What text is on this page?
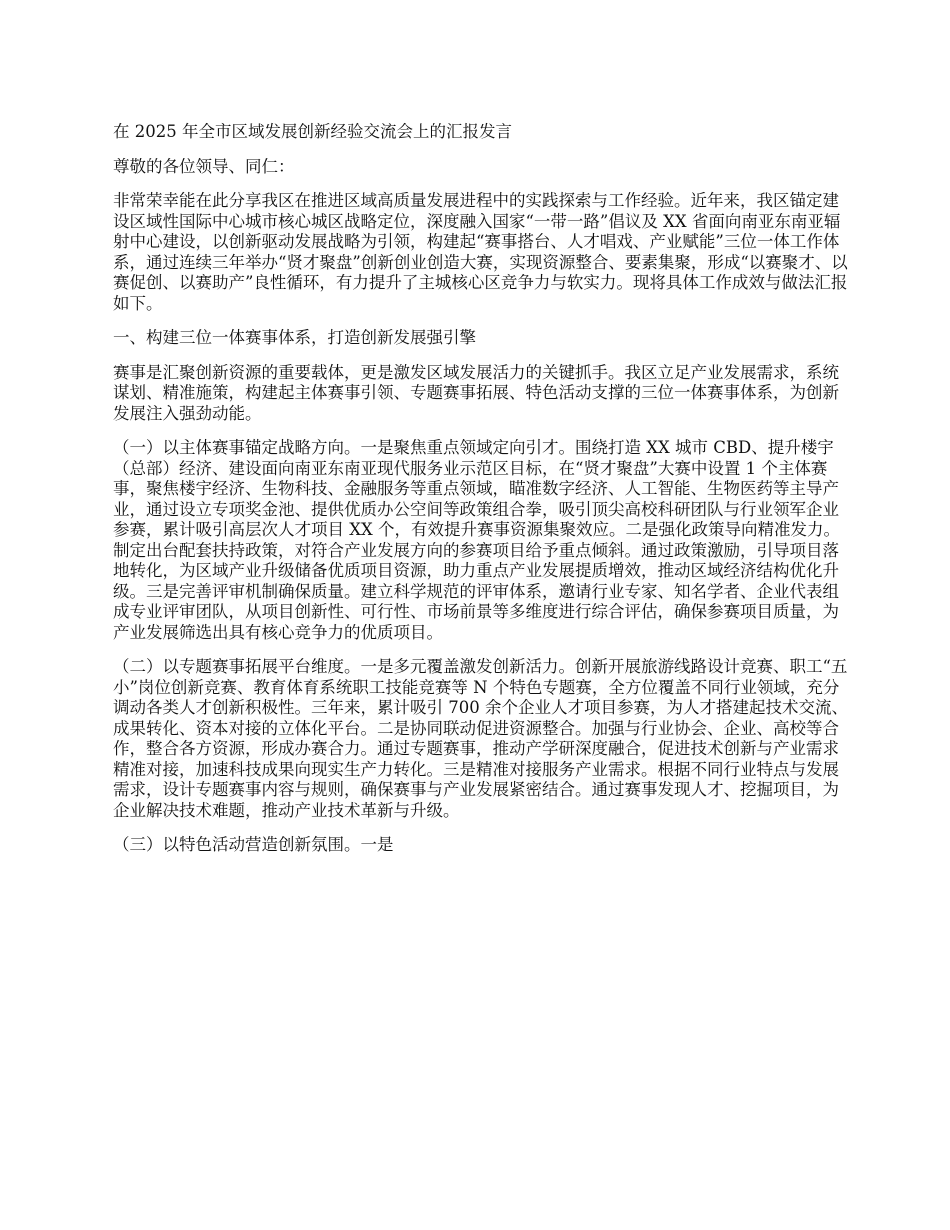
在 2025 年全市区域发展创新经验交流会上的汇报发言

尊敬的各位领导、同仁：

非常荣幸能在此分享我区在推进区域高质量发展进程中的实践探索与工作经验。近年来，我区锚定建设区域性国际中心城市核心城区战略定位，深度融入国家“一带一路”倡议及 XX 省面向南亚东南亚辐射中心建设，以创新驱动发展战略为引领，构建起“赛事搭台、人才唱戏、产业赋能”三位一体工作体系，通过连续三年举办“贤才聚盘”创新创业创造大赛，实现资源整合、要素集聚，形成“以赛聚才、以赛促创、以赛助产”良性循环，有力提升了主城核心区竞争力与软实力。现将具体工作成效与做法汇报如下。

一、构建三位一体赛事体系，打造创新发展强引擎

赛事是汇聚创新资源的重要载体，更是激发区域发展活力的关键抓手。我区立足产业发展需求，系统谋划、精准施策，构建起主体赛事引领、专题赛事拓展、特色活动支撑的三位一体赛事体系，为创新发展注入强劲动能。

（一）以主体赛事锚定战略方向。一是聚焦重点领域定向引才。围绕打造 XX 城市 CBD、提升楼宇（总部）经济、建设面向南亚东南亚现代服务业示范区目标，在“贤才聚盘”大赛中设置 1 个主体赛事，聚焦楼宇经济、生物科技、金融服务等重点领域，瞄准数字经济、人工智能、生物医药等主导产业，通过设立专项奖金池、提供优质办公空间等政策组合拳，吸引顶尖高校科研团队与行业领军企业参赛，累计吸引高层次人才项目 XX 个，有效提升赛事资源集聚效应。二是强化政策导向精准发力。制定出台配套扶持政策，对符合产业发展方向的参赛项目给予重点倾斜。通过政策激励，引导项目落地转化，为区域产业升级储备优质项目资源，助力重点产业发展提质增效，推动区域经济结构优化升级。三是完善评审机制确保质量。建立科学规范的评审体系，邀请行业专家、知名学者、企业代表组成专业评审团队，从项目创新性、可行性、市场前景等多维度进行综合评估，确保参赛项目质量，为产业发展筛选出具有核心竞争力的优质项目。

（二）以专题赛事拓展平台维度。一是多元覆盖激发创新活力。创新开展旅游线路设计竞赛、职工“五小”岗位创新竞赛、教育体育系统职工技能竞赛等 N 个特色专题赛，全方位覆盖不同行业领域，充分调动各类人才创新积极性。三年来，累计吸引 700 余个企业人才项目参赛，为人才搭建起技术交流、成果转化、资本对接的立体化平台。二是协同联动促进资源整合。加强与行业协会、企业、高校等合作，整合各方资源，形成办赛合力。通过专题赛事，推动产学研深度融合，促进技术创新与产业需求精准对接，加速科技成果向现实生产力转化。三是精准对接服务产业需求。根据不同行业特点与发展需求，设计专题赛事内容与规则，确保赛事与产业发展紧密结合。通过赛事发现人才、挖掘项目，为企业解决技术难题，推动产业技术革新与升级。

（三）以特色活动营造创新氛围。一是
